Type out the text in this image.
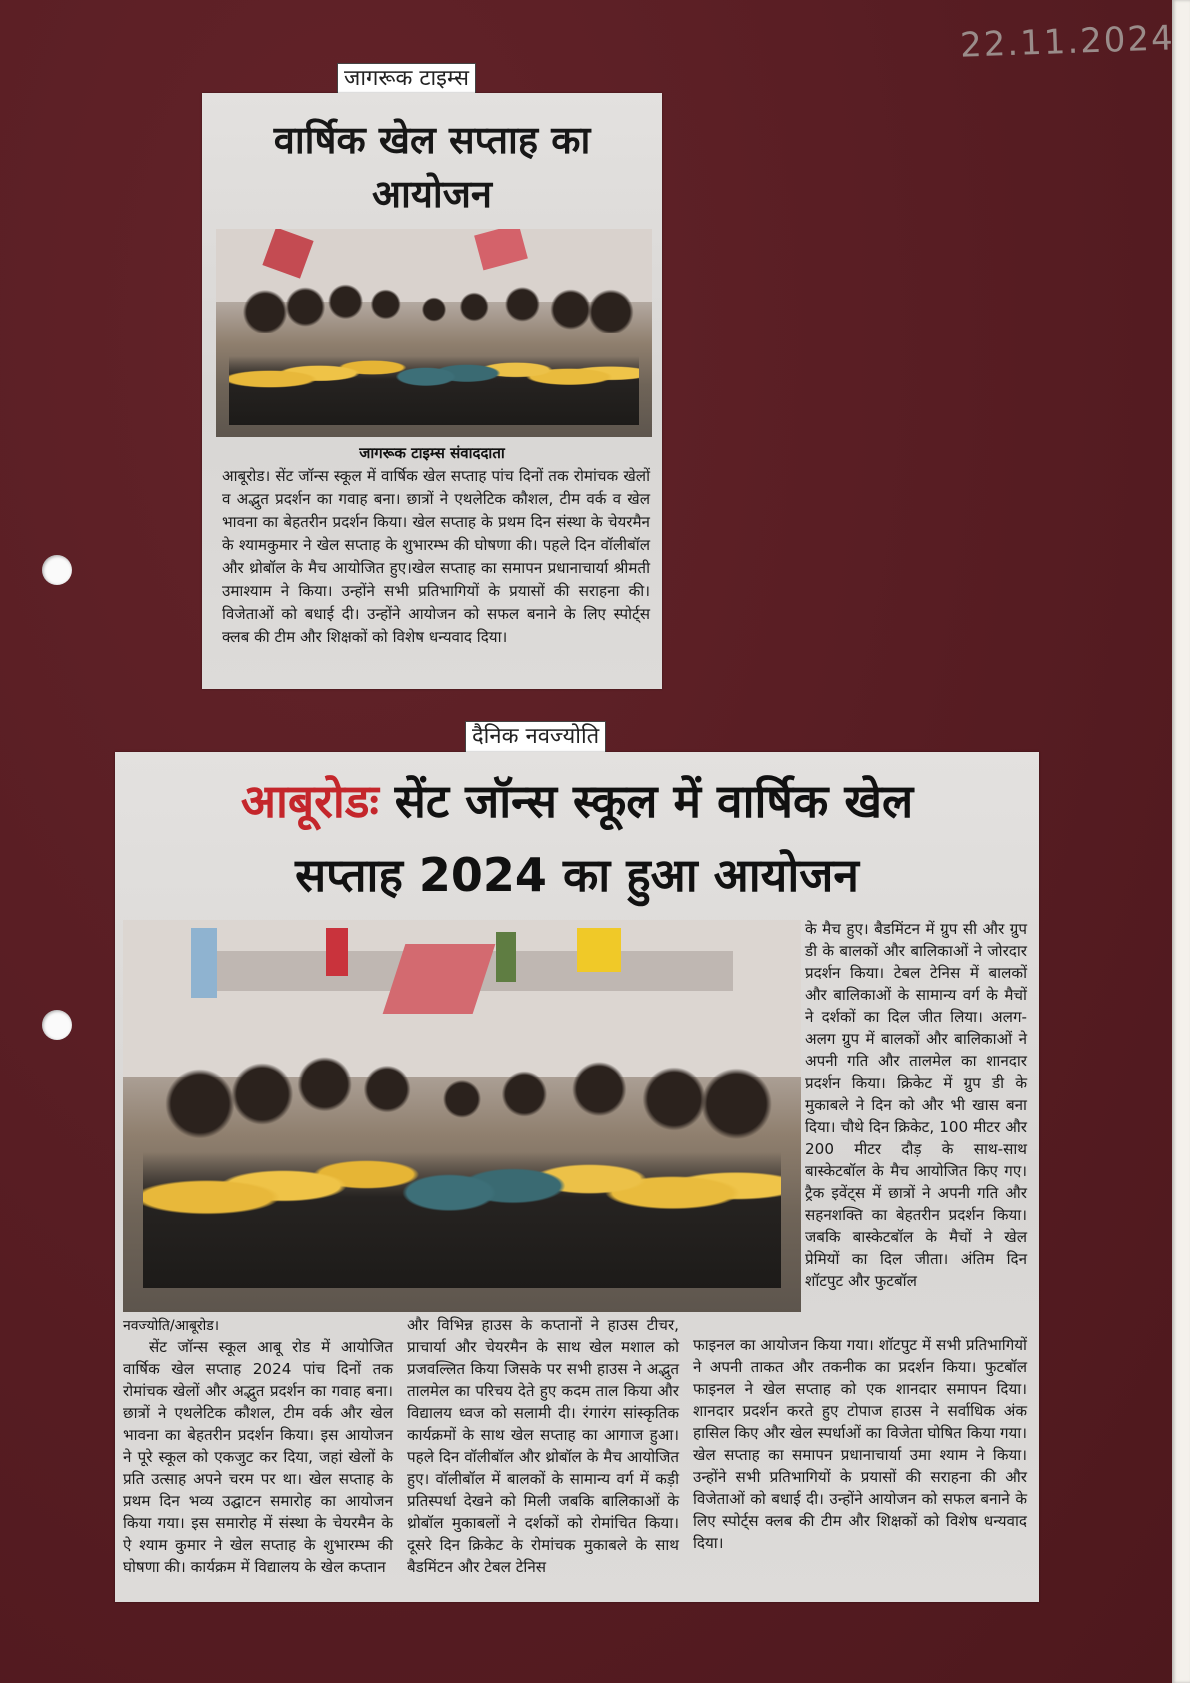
22.11.2024
जागरूक टाइम्स
वार्षिक खेल सप्ताह का
आयोजन
जागरूक टाइम्स संवाददाता

आबूरोड। सेंट जॉन्स स्कूल में वार्षिक खेल सप्ताह पांच दिनों तक रोमांचक खेलों व अद्भुत प्रदर्शन का गवाह बना। छात्रों ने एथलेटिक कौशल, टीम वर्क व खेल भावना का बेहतरीन प्रदर्शन किया। खेल सप्ताह के प्रथम दिन संस्था के चेयरमैन के श्यामकुमार ने खेल सप्ताह के शुभारम्भ की घोषणा की। पहले दिन वॉलीबॉल और थ्रोबॉल के मैच आयोजित हुए।खेल सप्ताह का समापन प्रधानाचार्या श्रीमती उमाश्याम ने किया। उन्होंने सभी प्रतिभागियों के प्रयासों की सराहना की। विजेताओं को बधाई दी। उन्होंने आयोजन को सफल बनाने के लिए स्पोर्ट्स क्लब की टीम और शिक्षकों को विशेष धन्यवाद दिया।

दैनिक नवज्योति
आबूरोडः सेंट जॉन्स स्कूल में वार्षिक खेल
सप्ताह 2024 का हुआ आयोजन

के मैच हुए। बैडमिंटन में ग्रुप सी और ग्रुप डी के बालकों और बालिकाओं ने जोरदार प्रदर्शन किया। टेबल टेनिस में बालकों और बालिकाओं के सामान्य वर्ग के मैचों ने दर्शकों का दिल जीत लिया। अलग-अलग ग्रुप में बालकों और बालिकाओं ने अपनी गति और तालमेल का शानदार प्रदर्शन किया। क्रिकेट में ग्रुप डी के मुकाबले ने दिन को और भी खास बना दिया। चौथे दिन क्रिकेट, 100 मीटर और 200 मीटर दौड़ के साथ-साथ बास्केटबॉल के मैच आयोजित किए गए। ट्रैक इवेंट्स में छात्रों ने अपनी गति और सहनशक्ति का बेहतरीन प्रदर्शन किया। जबकि बास्केटबॉल के मैचों ने खेल प्रेमियों का दिल जीता। अंतिम दिन शॉटपुट और फुटबॉल

नवज्योति/आबूरोड।

सेंट जॉन्स स्कूल आबू रोड में आयोजित वार्षिक खेल सप्ताह 2024 पांच दिनों तक रोमांचक खेलों और अद्भुत प्रदर्शन का गवाह बना। छात्रों ने एथलेटिक कौशल, टीम वर्क और खेल भावना का बेहतरीन प्रदर्शन किया। इस आयोजन ने पूरे स्कूल को एकजुट कर दिया, जहां खेलों के प्रति उत्साह अपने चरम पर था। खेल सप्ताह के प्रथम दिन भव्य उद्घाटन समारोह का आयोजन किया गया। इस समारोह में संस्था के चेयरमैन के ऐ श्याम कुमार ने खेल सप्ताह के शुभारम्भ की घोषणा की। कार्यक्रम में विद्यालय के खेल कप्तान

और विभिन्न हाउस के कप्तानों ने हाउस टीचर, प्राचार्या और चेयरमैन के साथ खेल मशाल को प्रजवल्लित किया जिसके पर सभी हाउस ने अद्भुत तालमेल का परिचय देते हुए कदम ताल किया और विद्यालय ध्वज को सलामी दी। रंगारंग सांस्कृतिक कार्यक्रमों के साथ खेल सप्ताह का आगाज हुआ। पहले दिन वॉलीबॉल और थ्रोबॉल के मैच आयोजित हुए। वॉलीबॉल में बालकों के सामान्य वर्ग में कड़ी प्रतिस्पर्धा देखने को मिली जबकि बालिकाओं के थ्रोबॉल मुकाबलों ने दर्शकों को रोमांचित किया। दूसरे दिन क्रिकेट के रोमांचक मुकाबले के साथ बैडमिंटन और टेबल टेनिस

फाइनल का आयोजन किया गया। शॉटपुट में सभी प्रतिभागियों ने अपनी ताकत और तकनीक का प्रदर्शन किया। फुटबॉल फाइनल ने खेल सप्ताह को एक शानदार समापन दिया। शानदार प्रदर्शन करते हुए टोपाज हाउस ने सर्वाधिक अंक हासिल किए और खेल स्पर्धाओं का विजेता घोषित किया गया। खेल सप्ताह का समापन प्रधानाचार्या उमा श्याम ने किया। उन्होंने सभी प्रतिभागियों के प्रयासों की सराहना की और विजेताओं को बधाई दी। उन्होंने आयोजन को सफल बनाने के लिए स्पोर्ट्स क्लब की टीम और शिक्षकों को विशेष धन्यवाद दिया।
